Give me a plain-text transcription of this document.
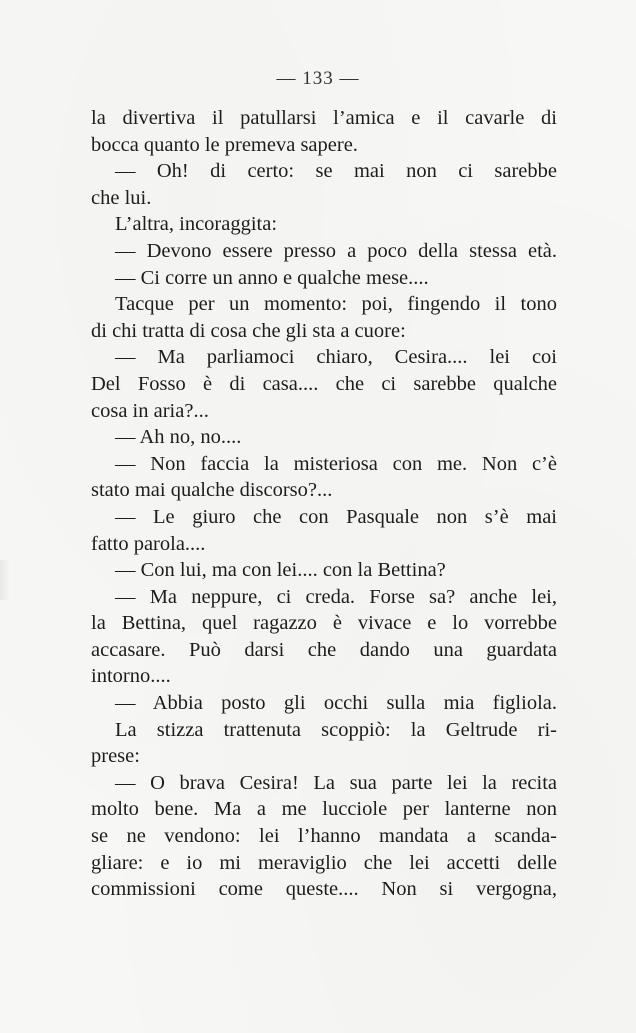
— 133 —
la divertiva il patullarsi l’amica e il cavarle di
bocca quanto le premeva sapere.
— Oh! di certo: se mai non ci sarebbe
che lui.
L’altra, incoraggita:
— Devono essere presso a poco della stessa età.
— Ci corre un anno e qualche mese....
Tacque per un momento: poi, fingendo il tono
di chi tratta di cosa che gli sta a cuore:
— Ma parliamoci chiaro, Cesira.... lei coi
Del Fosso è di casa.... che ci sarebbe qualche
cosa in aria?...
— Ah no, no....
— Non faccia la misteriosa con me. Non c’è
stato mai qualche discorso?...
— Le giuro che con Pasquale non s’è mai
fatto parola....
— Con lui, ma con lei.... con la Bettina?
— Ma neppure, ci creda. Forse sa? anche lei,
la Bettina, quel ragazzo è vivace e lo vorrebbe
accasare. Può darsi che dando una guardata
intorno....
— Abbia posto gli occhi sulla mia figliola.
La stizza trattenuta scoppiò: la Geltrude ri-
prese:
— O brava Cesira! La sua parte lei la recita
molto bene. Ma a me lucciole per lanterne non
se ne vendono: lei l’hanno mandata a scanda-
gliare: e io mi meraviglio che lei accetti delle
commissioni come queste.... Non si vergogna,
